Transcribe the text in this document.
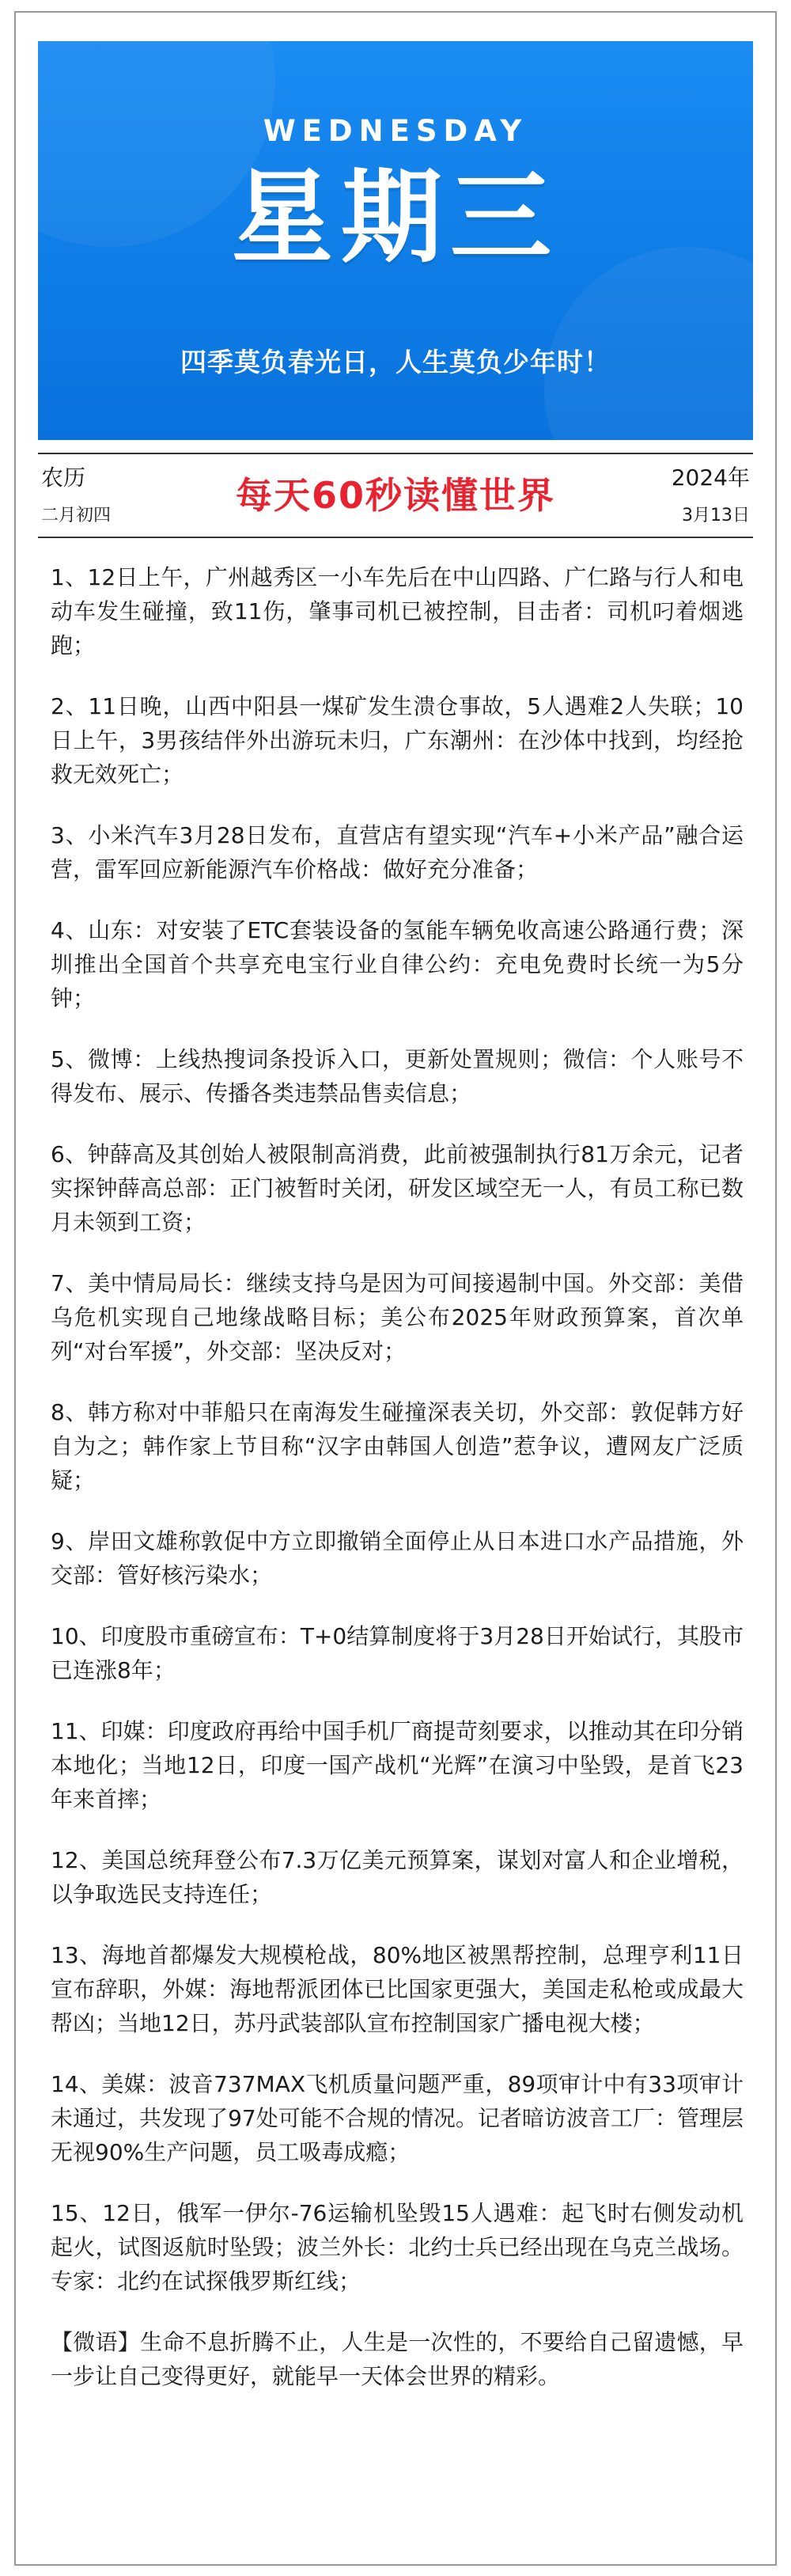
WEDNESDAY
星期三
四季莫负春光日，人生莫负少年时！
农历
二月初四	每天60秒读懂世界	2024年
3月13日

1、12日上午，广州越秀区一小车先后在中山四路、广仁路与行人和电动车发生碰撞，致11伤，肇事司机已被控制，目击者：司机叼着烟逃跑；

2、11日晚，山西中阳县一煤矿发生溃仓事故，5人遇难2人失联；10日上午，3男孩结伴外出游玩未归，广东潮州：在沙体中找到，均经抢救无效死亡；

3、小米汽车3月28日发布，直营店有望实现“汽车+小米产品”融合运营，雷军回应新能源汽车价格战：做好充分准备；

4、山东：对安装了ETC套装设备的氢能车辆免收高速公路通行费；深圳推出全国首个共享充电宝行业自律公约：充电免费时长统一为5分钟；

5、微博：上线热搜词条投诉入口，更新处置规则；微信：个人账号不得发布、展示、传播各类违禁品售卖信息；

6、钟薛高及其创始人被限制高消费，此前被强制执行81万余元，记者实探钟薛高总部：正门被暂时关闭，研发区域空无一人，有员工称已数月未领到工资；

7、美中情局局长：继续支持乌是因为可间接遏制中国。外交部：美借乌危机实现自己地缘战略目标；美公布2025年财政预算案，首次单列“对台军援”，外交部：坚决反对；

8、韩方称对中菲船只在南海发生碰撞深表关切，外交部：敦促韩方好自为之；韩作家上节目称“汉字由韩国人创造”惹争议，遭网友广泛质疑；

9、岸田文雄称敦促中方立即撤销全面停止从日本进口水产品措施，外交部：管好核污染水；

10、印度股市重磅宣布：T+0结算制度将于3月28日开始试行，其股市已连涨8年；

11、印媒：印度政府再给中国手机厂商提苛刻要求，以推动其在印分销本地化；当地12日，印度一国产战机“光辉”在演习中坠毁，是首飞23年来首摔；

12、美国总统拜登公布7.3万亿美元预算案，谋划对富人和企业增税，以争取选民支持连任；

13、海地首都爆发大规模枪战，80%地区被黑帮控制，总理亨利11日宣布辞职，外媒：海地帮派团体已比国家更强大，美国走私枪或成最大帮凶；当地12日，苏丹武装部队宣布控制国家广播电视大楼；

14、美媒：波音737MAX飞机质量问题严重，89项审计中有33项审计未通过，共发现了97处可能不合规的情况。记者暗访波音工厂：管理层无视90%生产问题，员工吸毒成瘾；

15、12日，俄军一伊尔-76运输机坠毁15人遇难：起飞时右侧发动机起火，试图返航时坠毁；波兰外长：北约士兵已经出现在乌克兰战场。专家：北约在试探俄罗斯红线；

【微语】生命不息折腾不止，人生是一次性的，不要给自己留遗憾，早一步让自己变得更好，就能早一天体会世界的精彩。
